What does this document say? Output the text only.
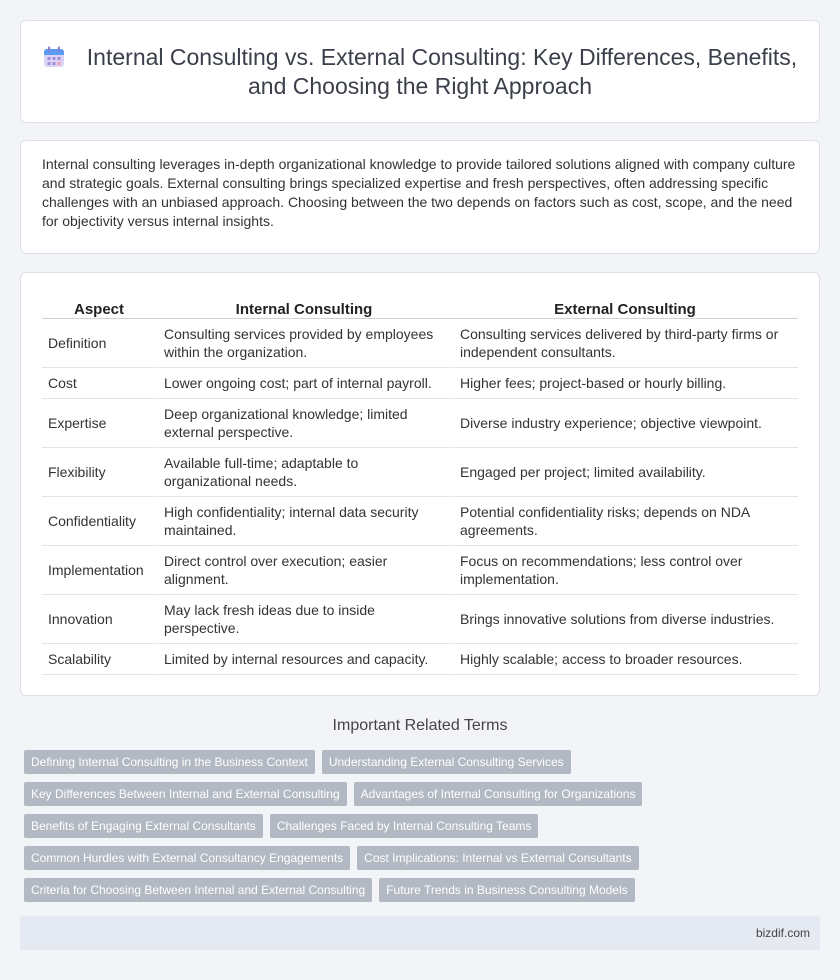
Internal Consulting vs. External Consulting: Key Differences, Benefits, and Choosing the Right Approach

Internal consulting leverages in-depth organizational knowledge to provide tailored solutions aligned with company culture and strategic goals. External consulting brings specialized expertise and fresh perspectives, often addressing specific challenges with an unbiased approach. Choosing between the two depends on factors such as cost, scope, and the need for objectivity versus internal insights.

Aspect	Internal Consulting	External Consulting
Definition	Consulting services provided by employees within the organization.	Consulting services delivered by third-party firms or independent consultants.
Cost	Lower ongoing cost; part of internal payroll.	Higher fees; project-based or hourly billing.
Expertise	Deep organizational knowledge; limited external perspective.	Diverse industry experience; objective viewpoint.
Flexibility	Available full-time; adaptable to organizational needs.	Engaged per project; limited availability.
Confidentiality	High confidentiality; internal data security maintained.	Potential confidentiality risks; depends on NDA agreements.
Implementation	Direct control over execution; easier alignment.	Focus on recommendations; less control over implementation.
Innovation	May lack fresh ideas due to inside perspective.	Brings innovative solutions from diverse industries.
Scalability	Limited by internal resources and capacity.	Highly scalable; access to broader resources.
Important Related Terms
Defining Internal Consulting in the Business Context Understanding External Consulting Services
Key Differences Between Internal and External Consulting Advantages of Internal Consulting for Organizations
Benefits of Engaging External Consultants Challenges Faced by Internal Consulting Teams
Common Hurdles with External Consultancy Engagements Cost Implications: Internal vs External Consultants
Criteria for Choosing Between Internal and External Consulting Future Trends in Business Consulting Models
bizdif.com
